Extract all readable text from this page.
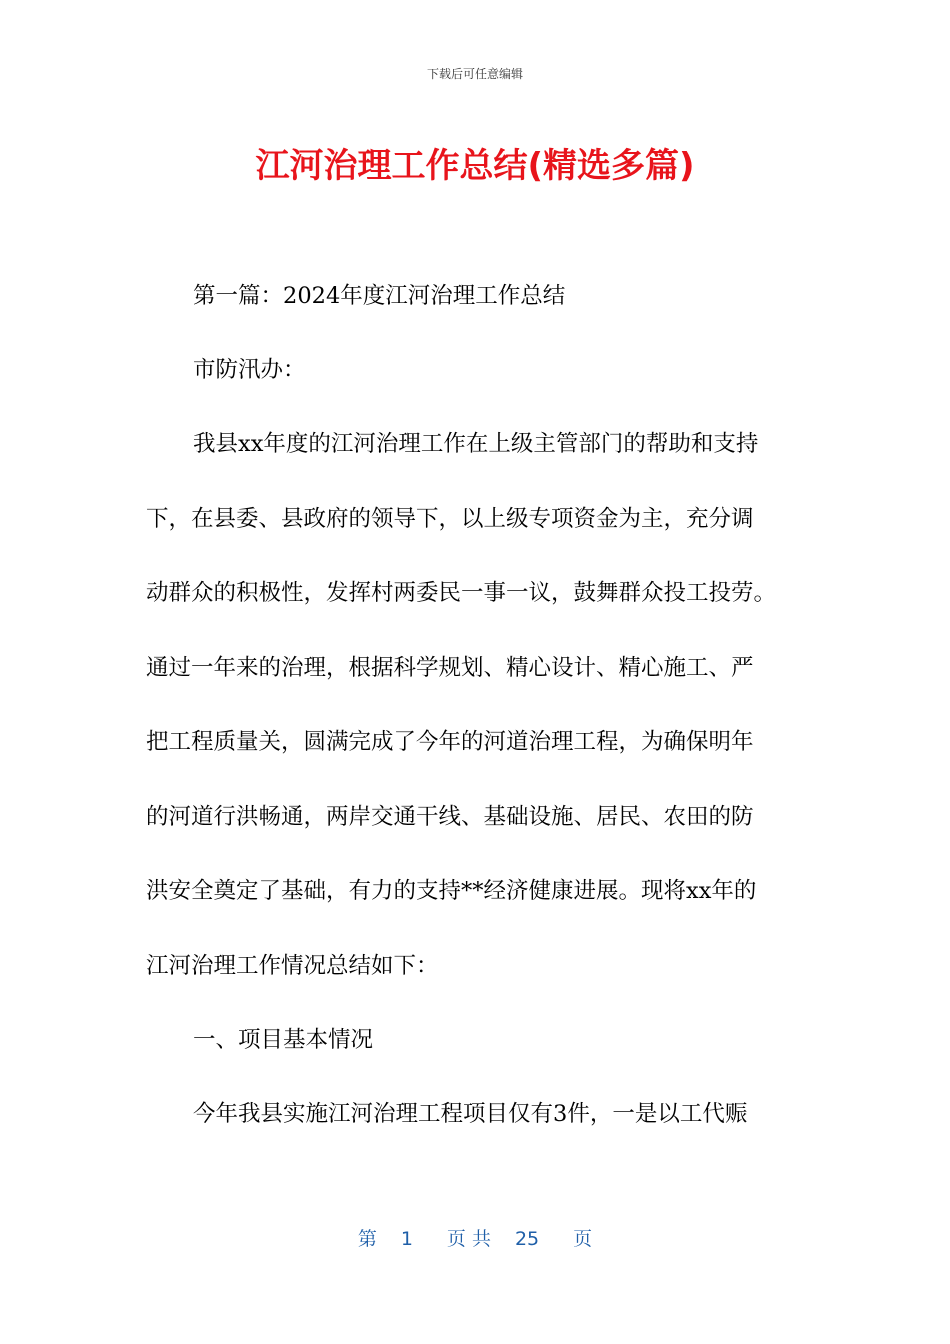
下载后可任意编辑
江河治理工作总结(精选多篇)
第一篇：2024年度江河治理工作总结
市防汛办：
我县xx年度的江河治理工作在上级主管部门的帮助和支持
下，在县委、县政府的领导下，以上级专项资金为主，充分调
动群众的积极性，发挥村两委民一事一议，鼓舞群众投工投劳。
通过一年来的治理，根据科学规划、精心设计、精心施工、严
把工程质量关，圆满完成了今年的河道治理工程，为确保明年
的河道行洪畅通，两岸交通干线、基础设施、居民、农田的防
洪安全奠定了基础，有力的支持**经济健康进展。现将xx年的
江河治理工作情况总结如下：
一、项目基本情况
今年我县实施江河治理工程项目仅有3件，一是以工代赈
第 1 页 共 25 页
